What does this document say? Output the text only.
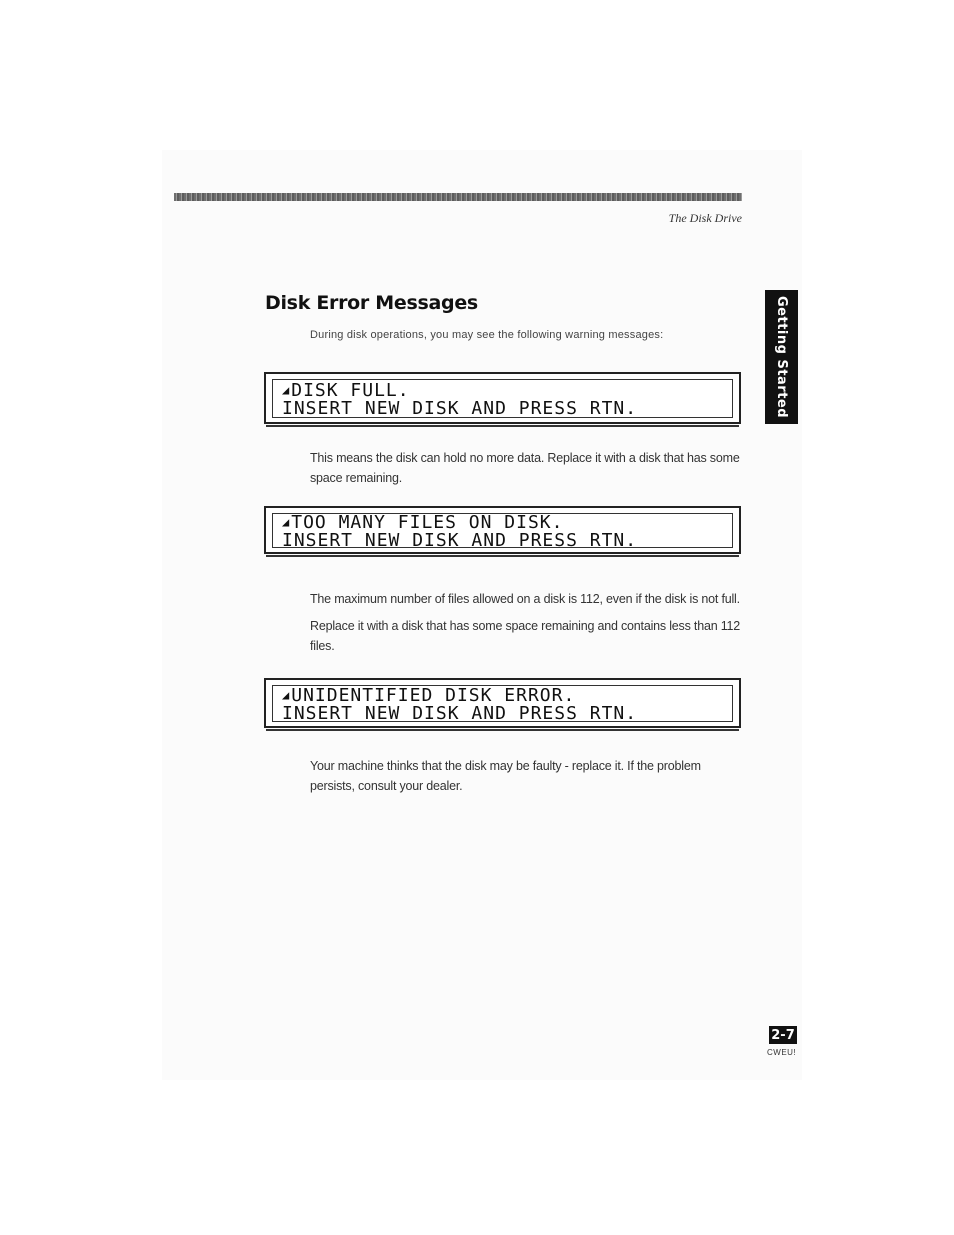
The Disk Drive
Disk Error Messages
During disk operations, you may see the following warning messages:	Getting Started
◢DISK FULL.
INSERT NEW DISK AND PRESS RTN.

This means the disk can hold no more data. Replace it with a disk that has some space remaining.

◢TOO MANY FILES ON DISK.
INSERT NEW DISK AND PRESS RTN.

The maximum number of files allowed on a disk is 112, even if the disk is not full.

Replace it with a disk that has some space remaining and contains less than 112 files.

◢UNIDENTIFIED DISK ERROR.
INSERT NEW DISK AND PRESS RTN.

Your machine thinks that the disk may be faulty - replace it. If the problem persists, consult your dealer.

2-7
CWEU!
